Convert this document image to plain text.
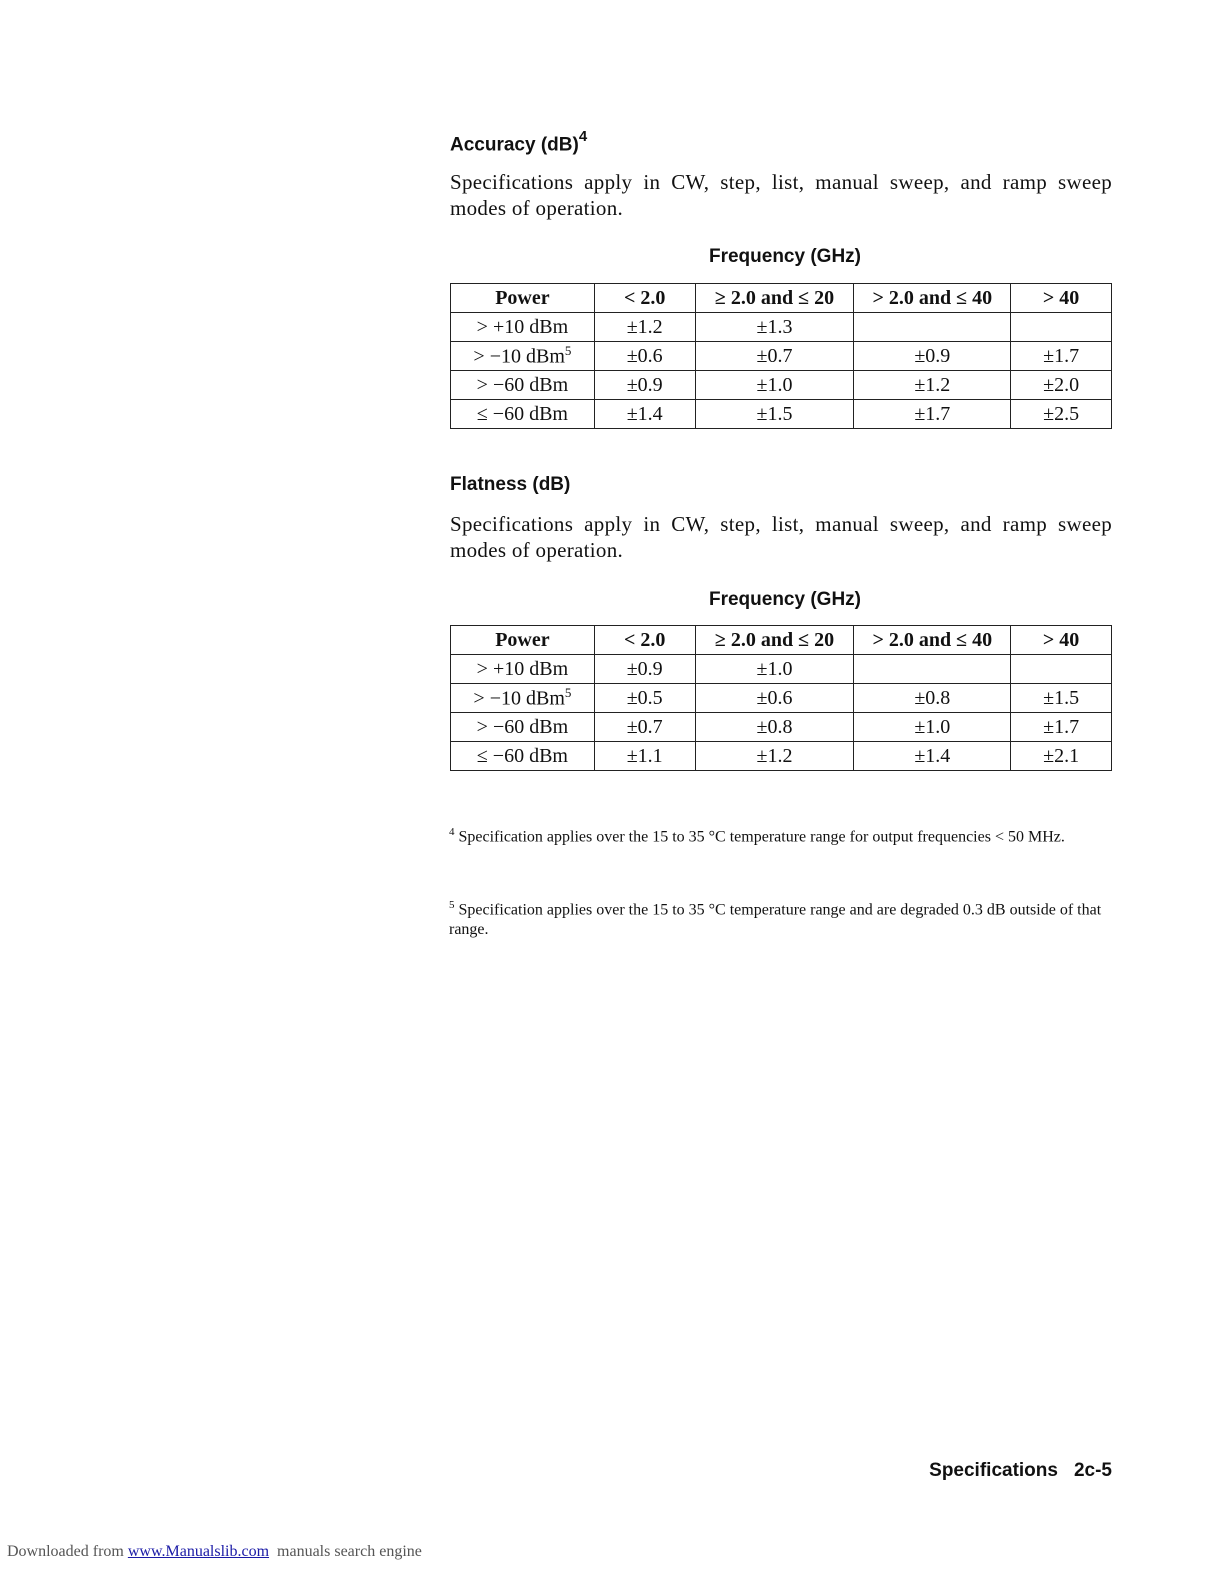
Accuracy (dB)$^4$
Specifications apply in CW, step, list, manual sweep, and ramp sweep modes of operation.
Frequency (GHz)
Power	< 2.0	≥ 2.0 and ≤ 20	> 2.0 and ≤ 40	> 40
> +10 dBm	±1.2	±1.3		
> −10 dBm$^5$	±0.6	±0.7	±0.9	±1.7
> −60 dBm	±0.9	±1.0	±1.2	±2.0
≤ −60 dBm	±1.4	±1.5	±1.7	±2.5
Flatness (dB)
Specifications apply in CW, step, list, manual sweep, and ramp sweep modes of operation.
Frequency (GHz)
Power	< 2.0	≥ 2.0 and ≤ 20	> 2.0 and ≤ 40	> 40
> +10 dBm	±0.9	±1.0		
> −10 dBm$^5$	±0.5	±0.6	±0.8	±1.5
> −60 dBm	±0.7	±0.8	±1.0	±1.7
≤ −60 dBm	±1.1	±1.2	±1.4	±2.1
$^4$ Specification applies over the 15 to 35 °C temperature range for output frequencies < 50 MHz.
$^5$ Specification applies over the 15 to 35 °C temperature range and are degraded 0.3 dB outside of that range.
Specifications 2c-5
Downloaded from www.Manualslib.com manuals search engine
